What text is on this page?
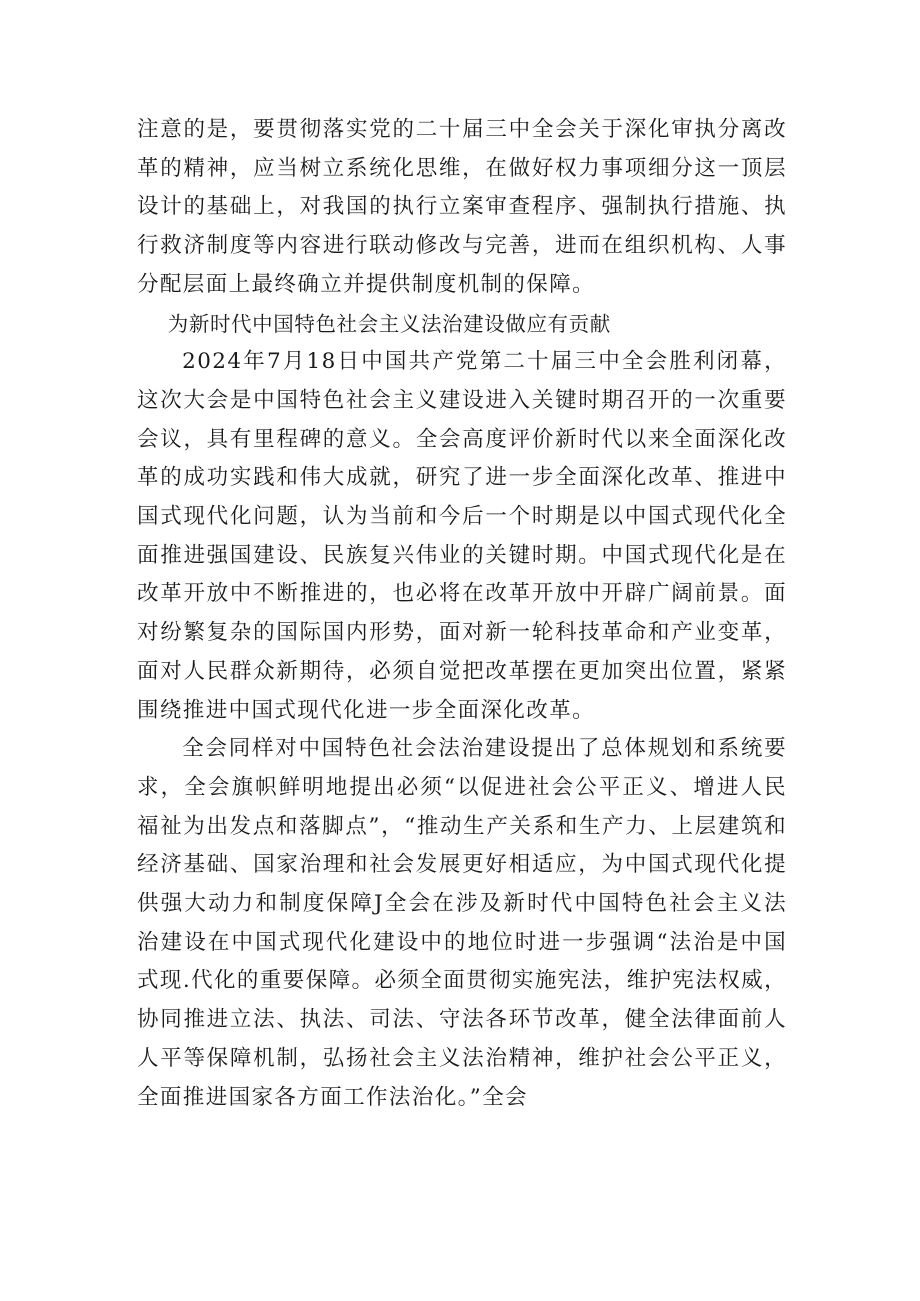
注意的是，要贯彻落实党的二十届三中全会关于深化审执分离改革的精神，应当树立系统化思维，在做好权力事项细分这一顶层设计的基础上，对我国的执行立案审查程序、强制执行措施、执行救济制度等内容进行联动修改与完善，进而在组织机构、人事分配层面上最终确立并提供制度机制的保障。

为新时代中国特色社会主义法治建设做应有贡献

2024年7月18日中国共产党第二十届三中全会胜利闭幕，这次大会是中国特色社会主义建设进入关键时期召开的一次重要会议，具有里程碑的意义。全会高度评价新时代以来全面深化改革的成功实践和伟大成就，研究了进一步全面深化改革、推进中国式现代化问题，认为当前和今后一个时期是以中国式现代化全面推进强国建设、民族复兴伟业的关键时期。中国式现代化是在改革开放中不断推进的，也必将在改革开放中开辟广阔前景。面对纷繁复杂的国际国内形势，面对新一轮科技革命和产业变革，面对人民群众新期待，必须自觉把改革摆在更加突出位置，紧紧围绕推进中国式现代化进一步全面深化改革。

全会同样对中国特色社会法治建设提出了总体规划和系统要求，全会旗帜鲜明地提出必须“以促进社会公平正义、增进人民福祉为出发点和落脚点”，“推动生产关系和生产力、上层建筑和经济基础、国家治理和社会发展更好相适应，为中国式现代化提供强大动力和制度保障J全会在涉及新时代中国特色社会主义法治建设在中国式现代化建设中的地位时进一步强调“法治是中国式现.代化的重要保障。必须全面贯彻实施宪法，维护宪法权威，协同推进立法、执法、司法、守法各环节改革，健全法律面前人人平等保障机制，弘扬社会主义法治精神，维护社会公平正义，全面推进国家各方面工作法治化。”全会
